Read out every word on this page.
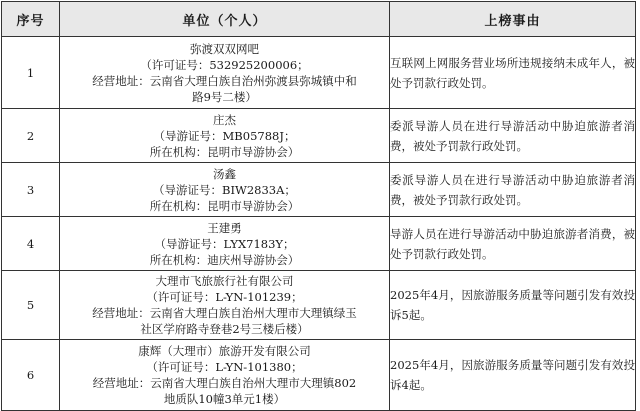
序号	单位（个人）	上榜事由
1	弥渡双双网吧
（许可证号：532925200006；
经营地址：云南省大理白族自治州弥渡县弥城镇中和
路9号二楼）	互联网上网服务营业场所违规接纳未成年人，被处予罚款行政处罚。
2	庄杰
（导游证号：MB05788J；
所在机构：昆明市导游协会）	委派导游人员在进行导游活动中胁迫旅游者消费，被处予罚款行政处罚。
3	汤鑫
（导游证号：BIW2833A；
所在机构：昆明市导游协会）	委派导游人员在进行导游活动中胁迫旅游者消费，被处予罚款行政处罚。
4	王建勇
（导游证号：LYX7183Y；
所在机构：迪庆州导游协会）	导游人员在进行导游活动中胁迫旅游者消费，被处予罚款行政处罚。
5	大理市飞旅旅行社有限公司
（许可证号：L-YN-101239；
经营地址：云南省大理白族自治州大理市大理镇绿玉
社区学府路寺登巷2号三楼后楼）	2025年4月，因旅游服务质量等问题引发有效投诉5起。
6	康辉（大理市）旅游开发有限公司
（许可证号：L-YN-101380；
经营地址：云南省大理白族自治州大理市大理镇802
地质队10幢3单元1楼）	2025年4月，因旅游服务质量等问题引发有效投诉4起。
